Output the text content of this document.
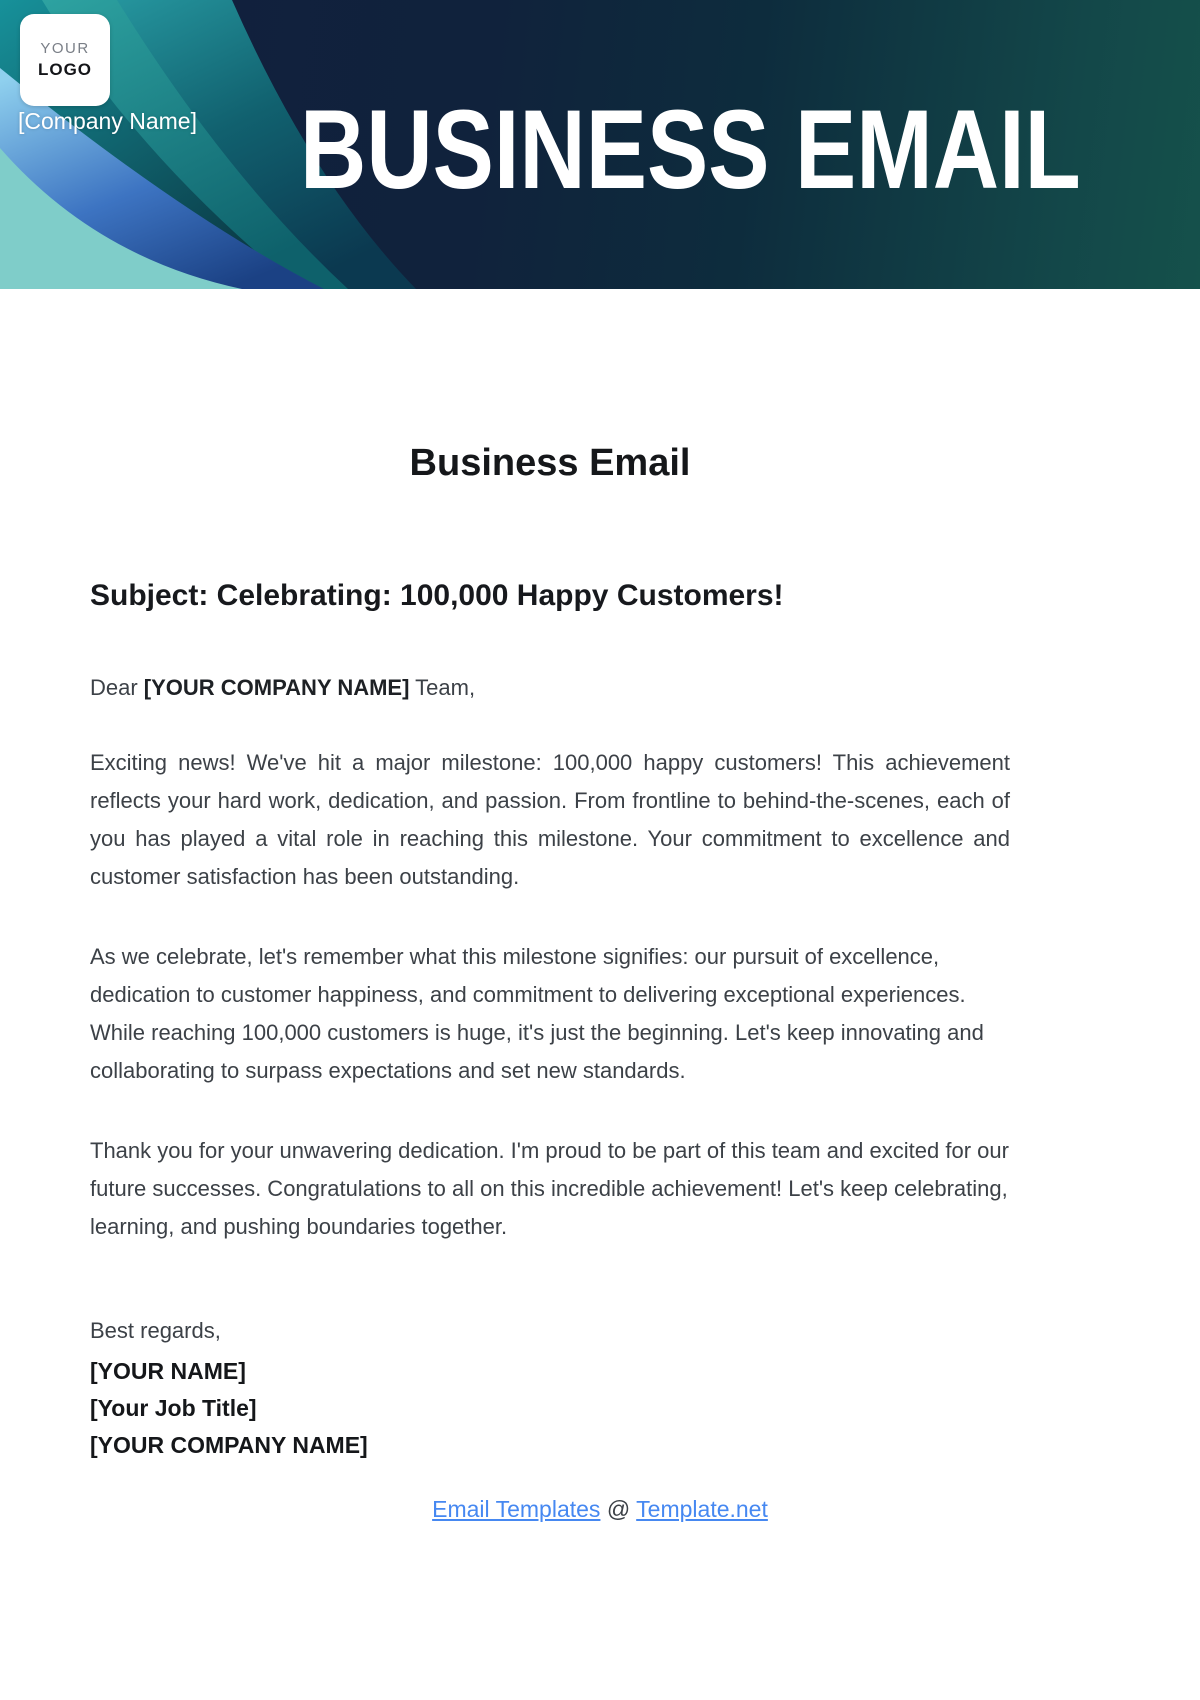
YOUR
LOGO
[Company Name] BUSINESS EMAIL
Business Email
Subject: Celebrating: 100,000 Happy Customers!

Dear [YOUR COMPANY NAME] Team,

Exciting news! We've hit a major milestone: 100,000 happy customers! This achievement reflects your hard work, dedication, and passion. From frontline to behind-the-scenes, each of you has played a vital role in reaching this milestone. Your commitment to excellence and customer satisfaction has been outstanding.

As we celebrate, let's remember what this milestone signifies: our pursuit of excellence, dedication to customer happiness, and commitment to delivering exceptional experiences. While reaching 100,000 customers is huge, it's just the beginning. Let's keep innovating and collaborating to surpass expectations and set new standards.

Thank you for your unwavering dedication. I'm proud to be part of this team and excited for our future successes. Congratulations to all on this incredible achievement! Let's keep celebrating, learning, and pushing boundaries together.

Best regards,

[YOUR NAME]
[Your Job Title]
[YOUR COMPANY NAME]
Email Templates @ Template.net
